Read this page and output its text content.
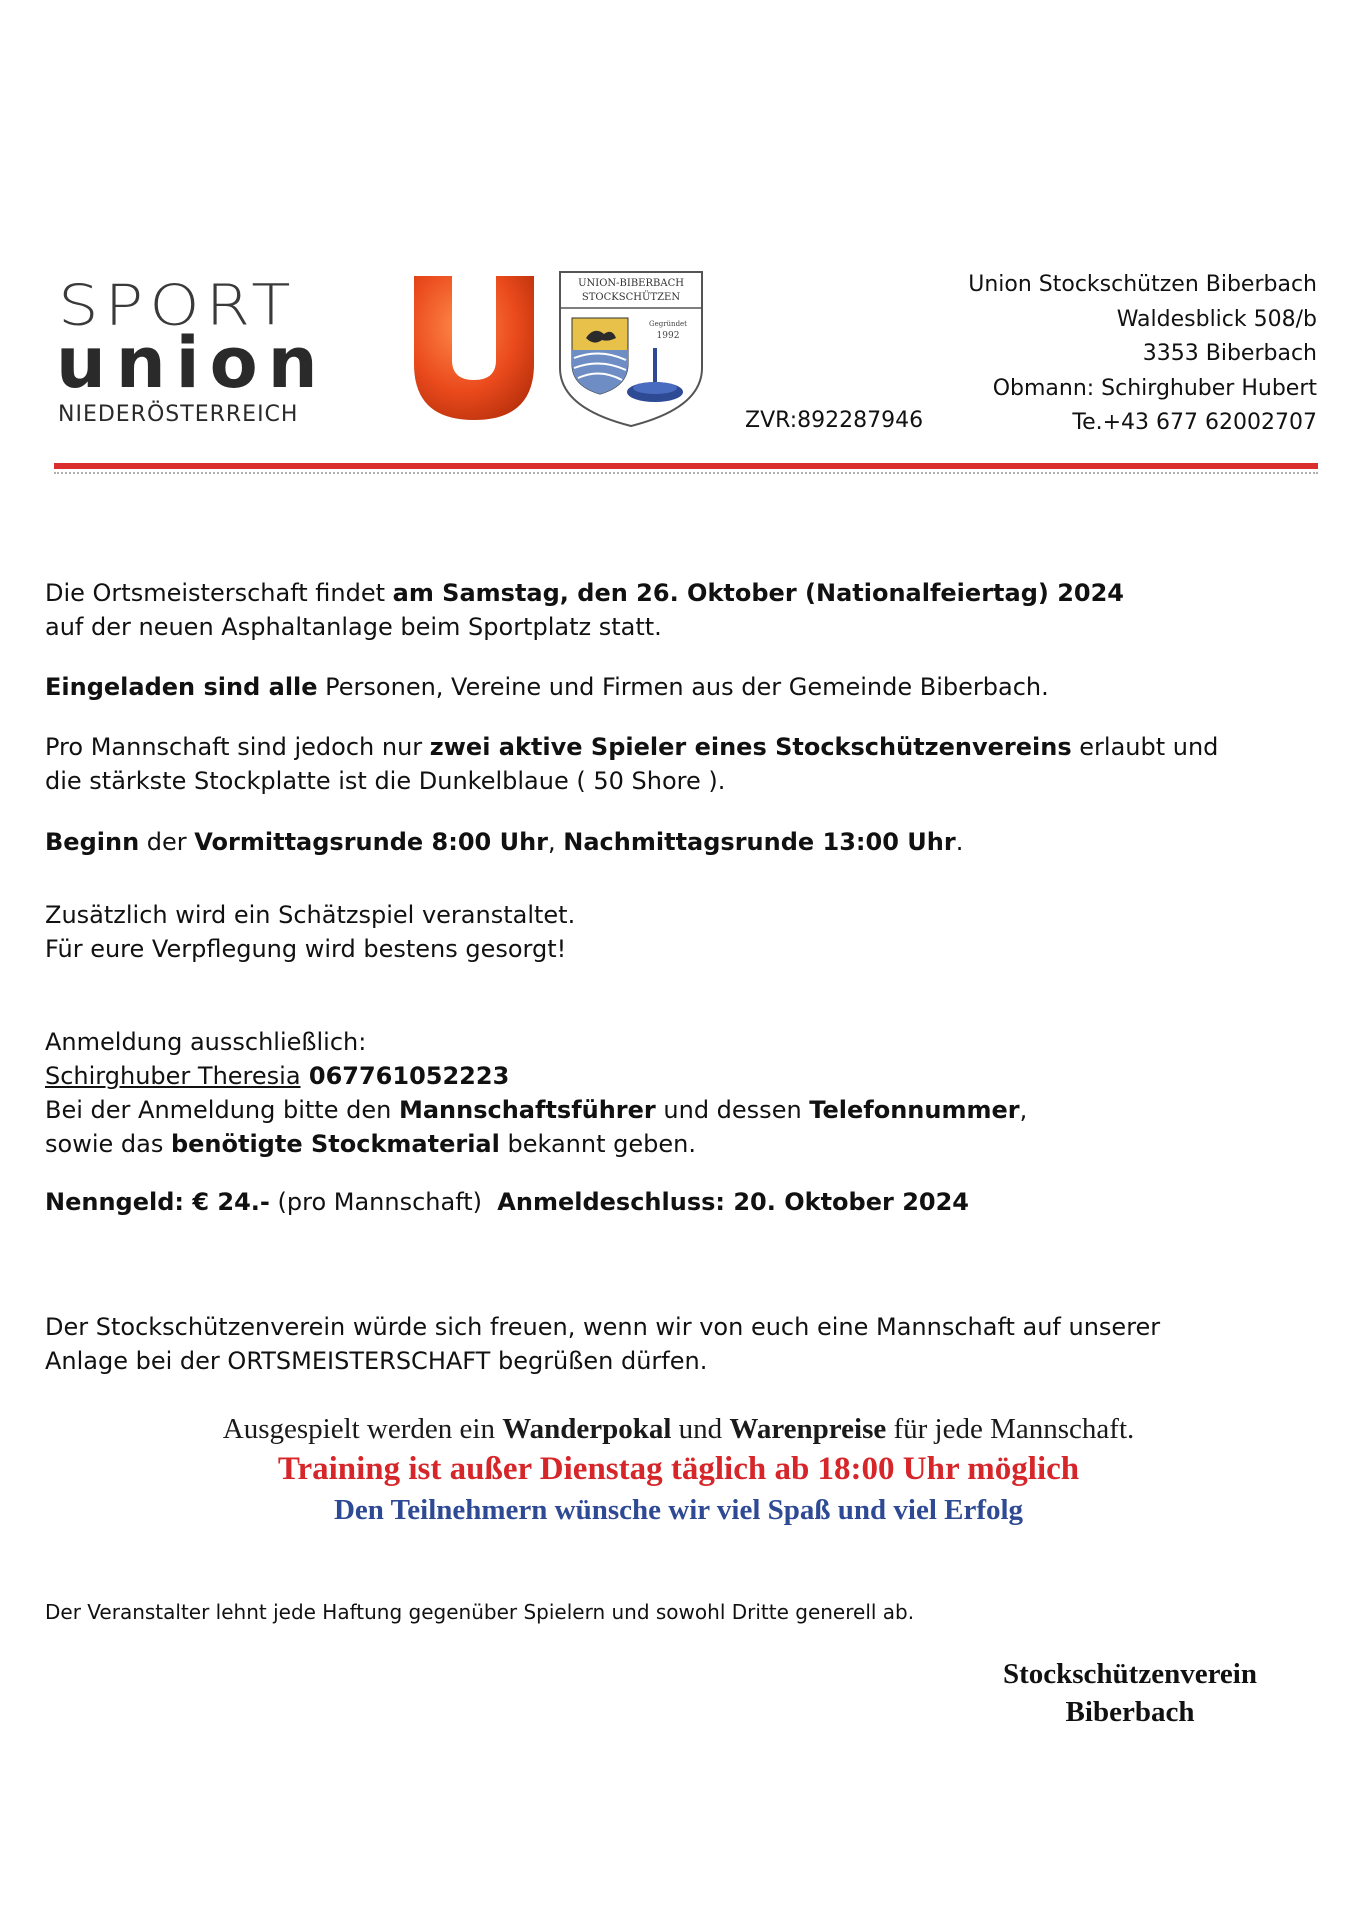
SPORT
union
NIEDERÖSTERREICH
UNION-BIBERBACH
STOCKSCHÜTZEN
Gegründet
1992
ZVR:892287946
Union Stockschützen Biberbach
Waldesblick 508/b
3353 Biberbach
Obmann: Schirghuber Hubert
Te.+43 677 62002707
Die Ortsmeisterschaft findet am Samstag, den 26. Oktober (Nationalfeiertag) 2024
auf der neuen Asphaltanlage beim Sportplatz statt.
Eingeladen sind alle Personen, Vereine und Firmen aus der Gemeinde Biberbach.
Pro Mannschaft sind jedoch nur zwei aktive Spieler eines Stockschützenvereins erlaubt und
die stärkste Stockplatte ist die Dunkelblaue ( 50 Shore ).
Beginn der Vormittagsrunde 8:00 Uhr, Nachmittagsrunde 13:00 Uhr.
Zusätzlich wird ein Schätzspiel veranstaltet.
Für eure Verpflegung wird bestens gesorgt!
Anmeldung ausschließlich:
Schirghuber Theresia 067761052223
Bei der Anmeldung bitte den Mannschaftsführer und dessen Telefonnummer,
sowie das benötigte Stockmaterial bekannt geben.
Nenngeld: € 24.- (pro Mannschaft)  Anmeldeschluss: 20. Oktober 2024
Der Stockschützenverein würde sich freuen, wenn wir von euch eine Mannschaft auf unserer
Anlage bei der ORTSMEISTERSCHAFT begrüßen dürfen.
Ausgespielt werden ein Wanderpokal und Warenpreise für jede Mannschaft.
Training ist außer Dienstag täglich ab 18:00 Uhr möglich
Den Teilnehmern wünsche wir viel Spaß und viel Erfolg
Der Veranstalter lehnt jede Haftung gegenüber Spielern und sowohl Dritte generell ab.
Stockschützenverein
Biberbach
